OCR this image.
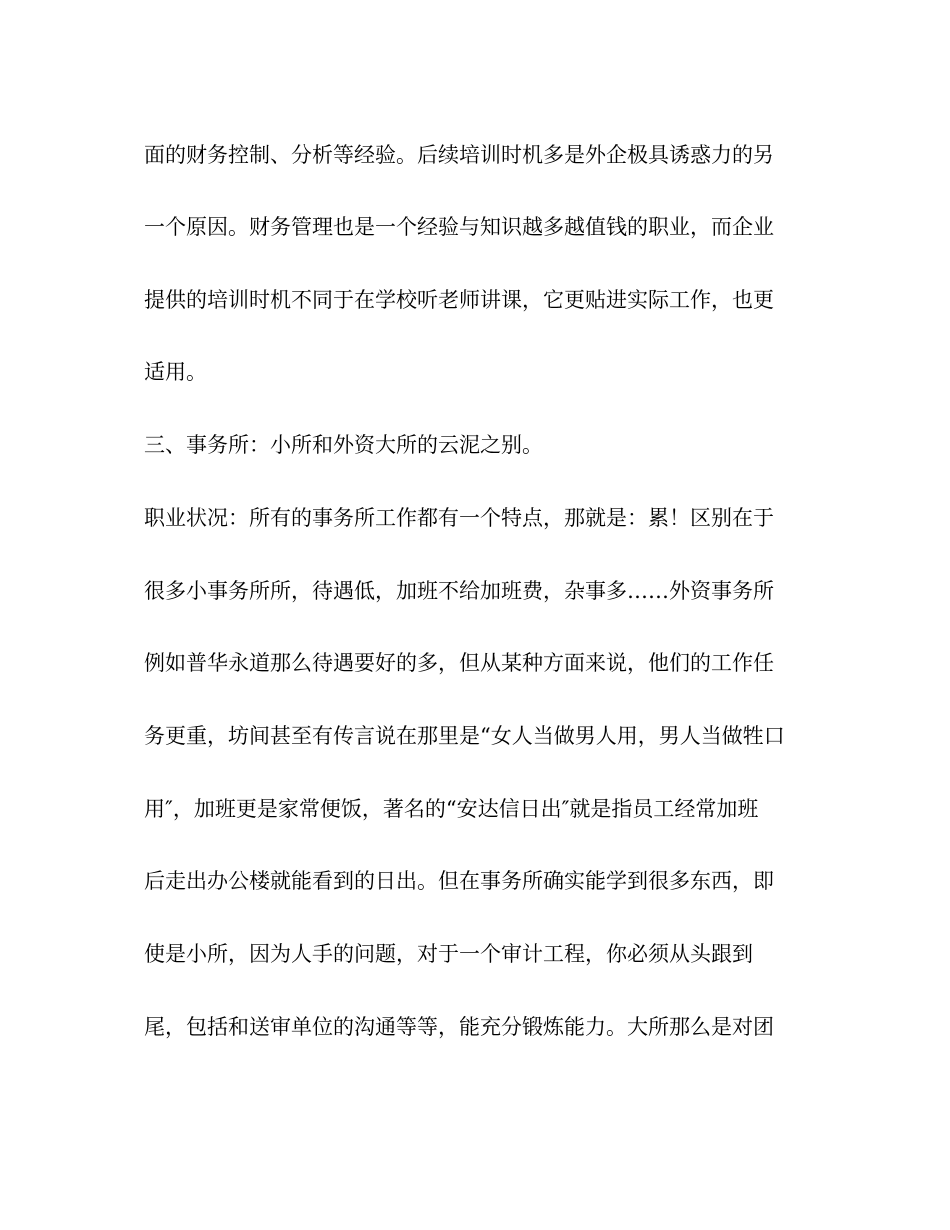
面的财务控制、分析等经验。后续培训时机多是外企极具诱惑力的另
一个原因。财务管理也是一个经验与知识越多越值钱的职业，而企业
提供的培训时机不同于在学校听老师讲课，它更贴进实际工作，也更
适用。
三、事务所：小所和外资大所的云泥之别。
职业状况：所有的事务所工作都有一个特点，那就是：累！区别在于
很多小事务所所，待遇低，加班不给加班费，杂事多……外资事务所
例如普华永道那么待遇要好的多，但从某种方面来说，他们的工作任
务更重，坊间甚至有传言说在那里是“女人当做男人用，男人当做牲口
用″，加班更是家常便饭，著名的“安达信日出″就是指员工经常加班
后走出办公楼就能看到的日出。但在事务所确实能学到很多东西，即
使是小所，因为人手的问题，对于一个审计工程，你必须从头跟到
尾，包括和送审单位的沟通等等，能充分锻炼能力。大所那么是对团
